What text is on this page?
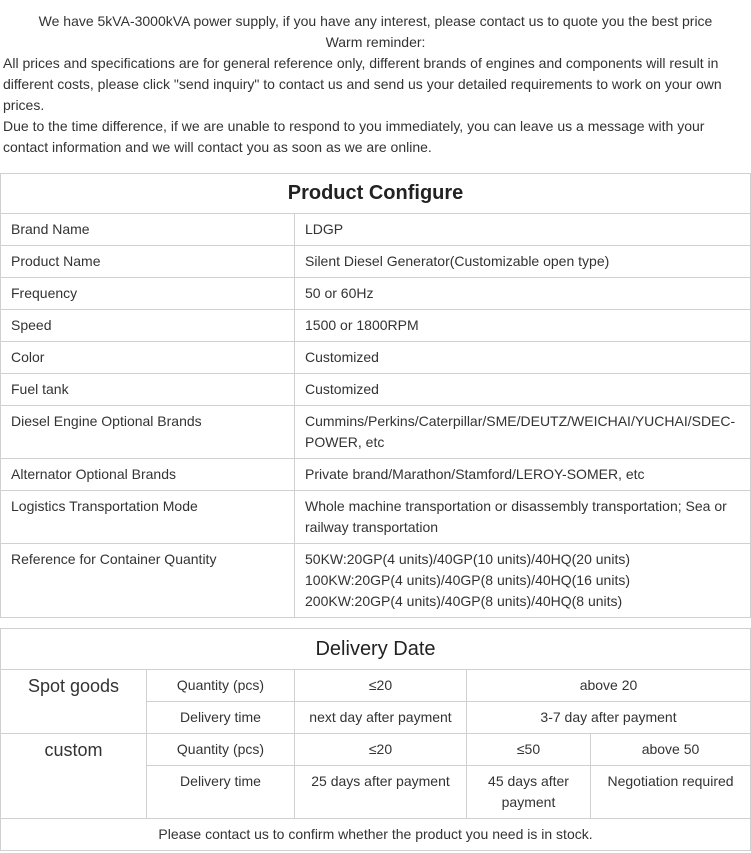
We have 5kVA-3000kVA power supply, if you have any interest, please contact us to quote you the best price

Warm reminder:

All prices and specifications are for general reference only, different brands of engines and components will result in different costs, please click "send inquiry" to contact us and send us your detailed requirements to work on your own prices.

Due to the time difference, if we are unable to respond to you immediately, you can leave us a message with your contact information and we will contact you as soon as we are online.

Product Configure	
Brand Name	LDGP
Product Name	Silent Diesel Generator(Customizable open type)
Frequency	50 or 60Hz
Speed	1500 or 1800RPM
Color	Customized
Fuel tank	Customized
Diesel Engine Optional Brands	Cummins/Perkins/Caterpillar/SME/DEUTZ/WEICHAI/YUCHAI/SDEC-POWER, etc
Alternator Optional Brands	Private brand/Marathon/Stamford/LEROY-SOMER, etc
Logistics Transportation Mode	Whole machine transportation or disassembly transportation; Sea or railway transportation
Reference for Container Quantity	50KW:20GP(4 units)/40GP(10 units)/40HQ(20 units)
100KW:20GP(4 units)/40GP(8 units)/40HQ(16 units)
200KW:20GP(4 units)/40GP(8 units)/40HQ(8 units)
Delivery Date				
Spot goods	Quantity (pcs)	≤20	above 20	
	Delivery time	next day after payment	3-7 day after payment	
custom	Quantity (pcs)	≤20	≤50	above 50
	Delivery time	25 days after payment	45 days after payment	Negotiation required
Please contact us to confirm whether the product you need is in stock.				
